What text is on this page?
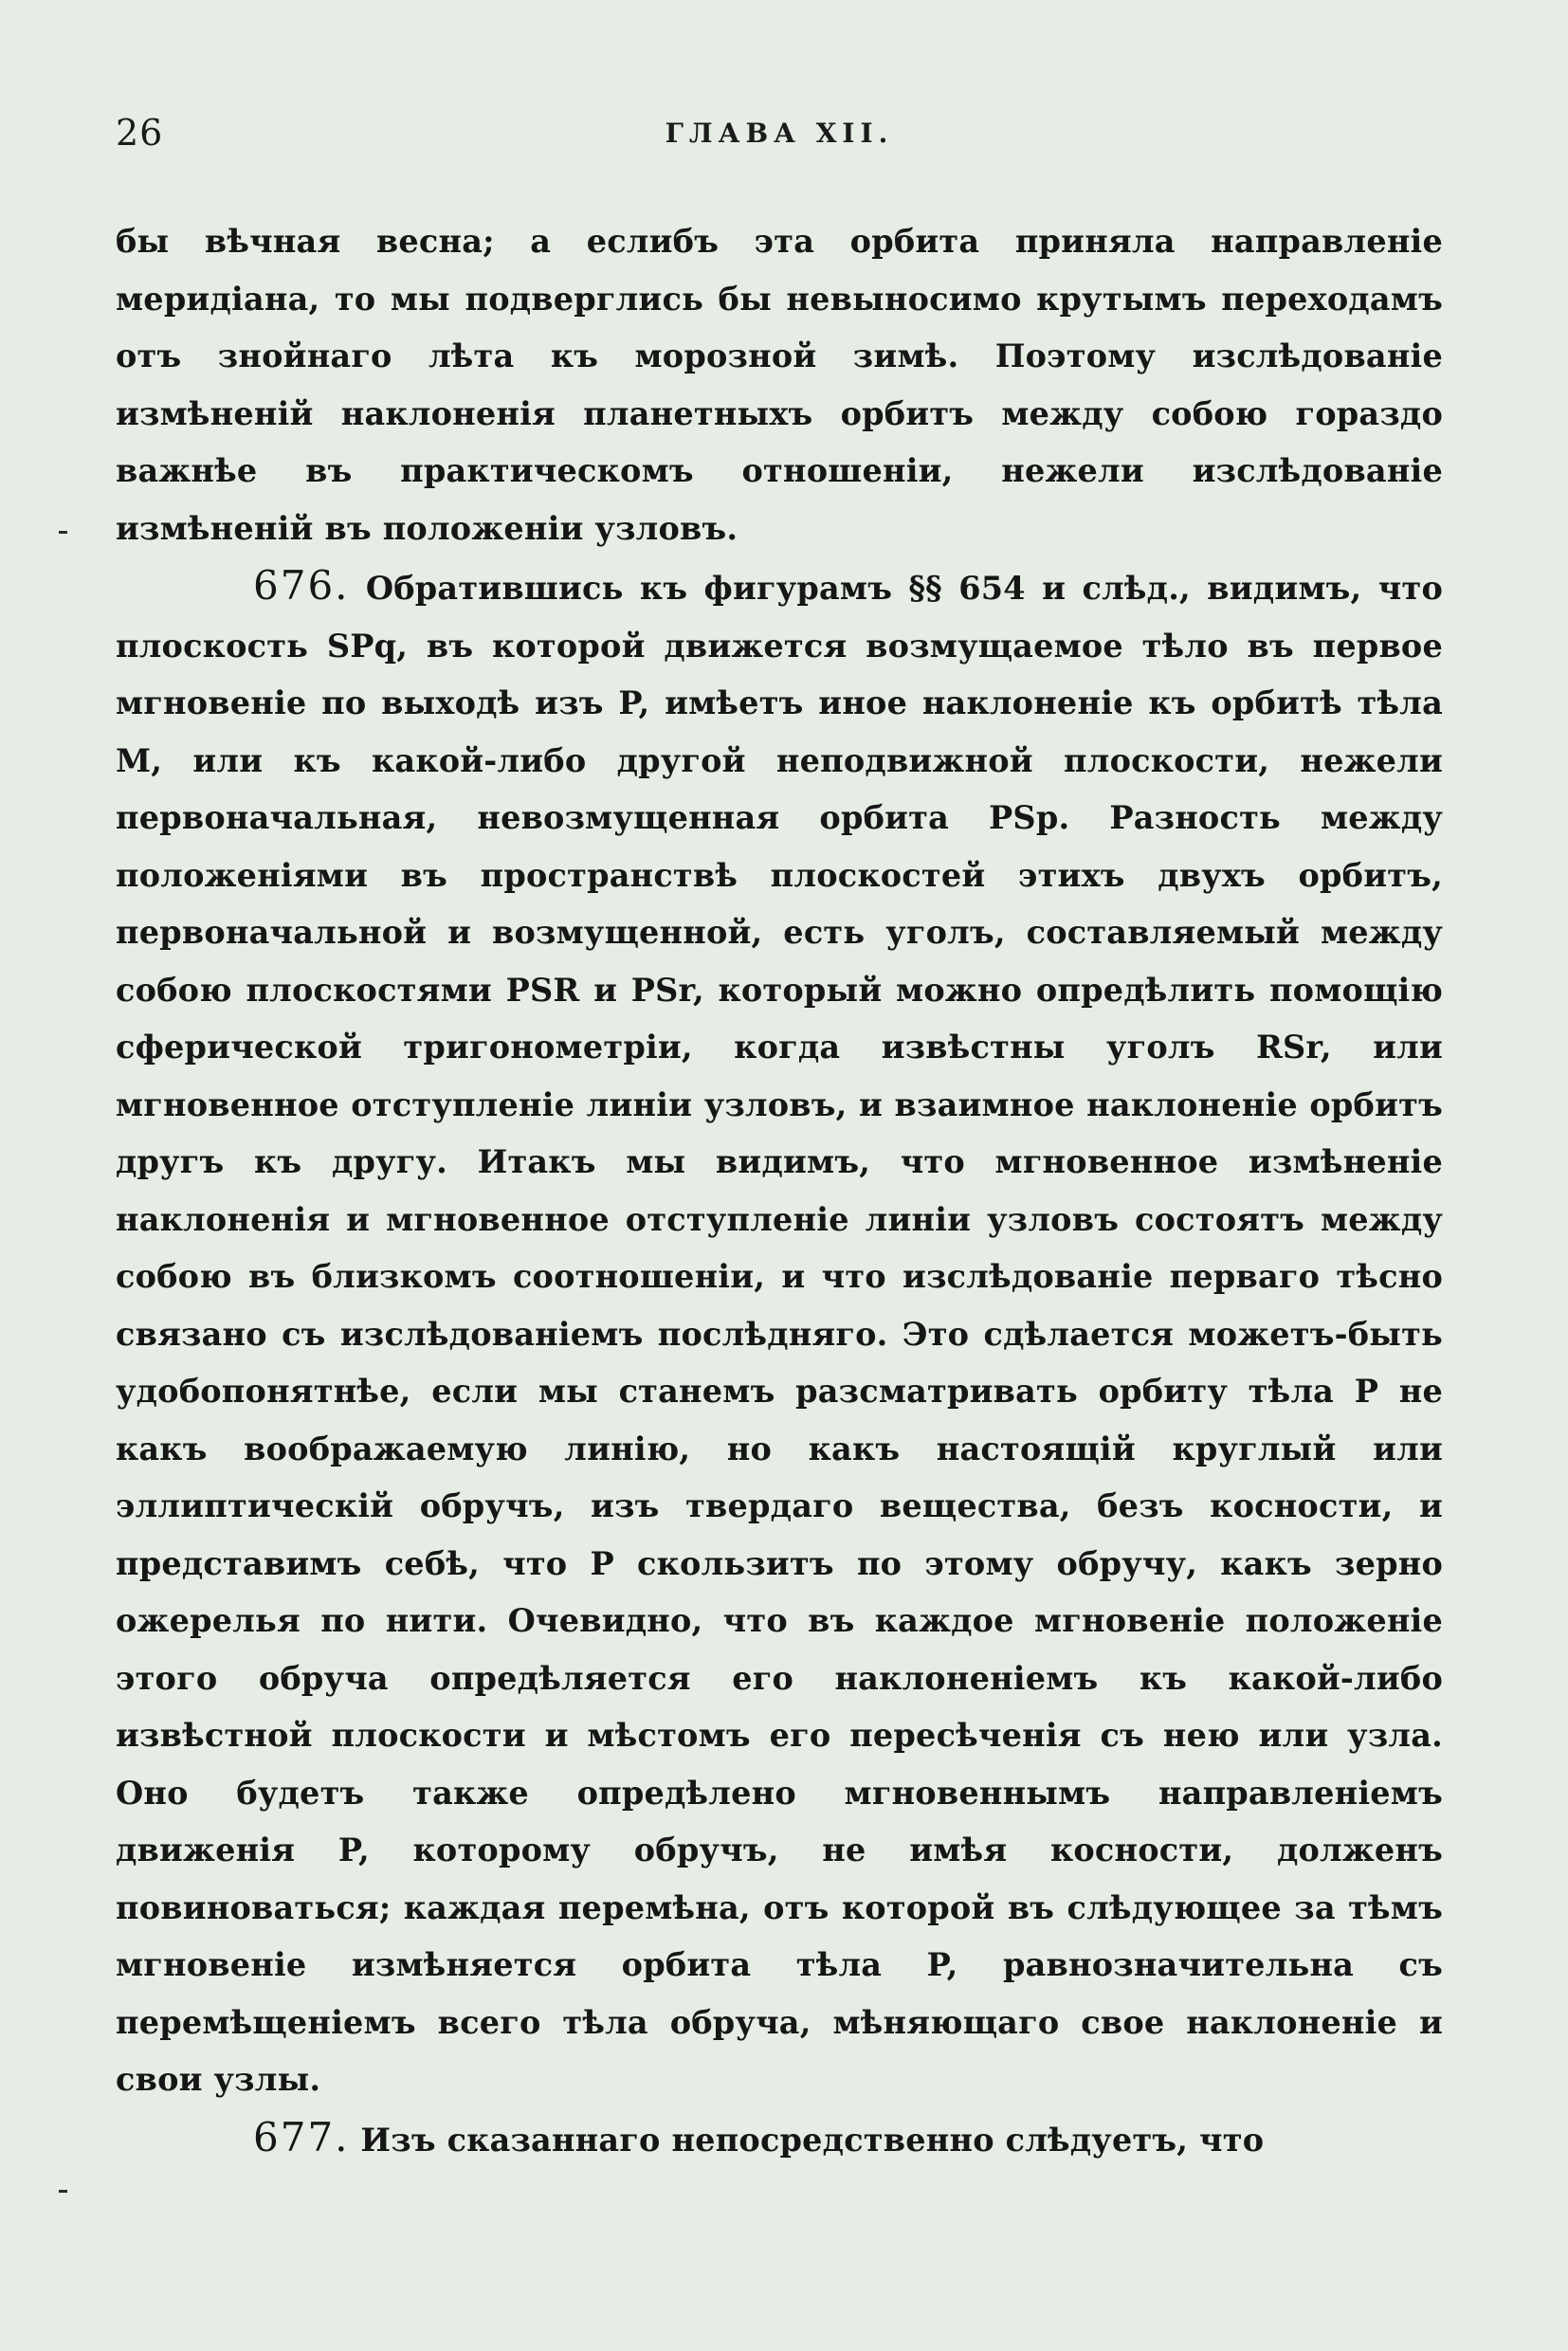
26	ГЛАВА XII.

бы вѣчная весна; а еслибъ эта орбита приняла направленіе меридіана, то мы подверглись бы невыносимо крутымъ переходамъ отъ знойнаго лѣта къ морозной зимѣ. Поэтому изслѣдованіе измѣненій наклоненія планетныхъ орбитъ между собою гораздо важнѣе въ практическомъ отношеніи, нежели изслѣдованіе измѣненій въ положеніи узловъ.

676. Обратившись къ фигурамъ §§ 654 и слѣд., видимъ, что плоскость SPq, въ которой движется возмущаемое тѣло въ первое мгновеніе по выходѣ изъ P, имѣетъ иное наклоненіе къ орбитѣ тѣла M, или къ какой-либо другой неподвижной плоскости, нежели первоначальная, невозмущенная орбита PSp. Разность между положеніями въ пространствѣ плоскостей этихъ двухъ орбитъ, первоначальной и возмущенной, есть уголъ, составляемый между собою плоскостями PSR и PSr, который можно опредѣлить помощію сферической тригонометріи, когда извѣстны уголъ RSr, или мгновенное отступленіе линіи узловъ, и взаимное наклоненіе орбитъ другъ къ другу. Итакъ мы видимъ, что мгновенное измѣненіе наклоненія и мгновенное отступленіе линіи узловъ состоятъ между собою въ близкомъ соотношеніи, и что изслѣдованіе перваго тѣсно связано съ изслѣдованіемъ послѣдняго. Это сдѣлается можетъ-быть удобопонятнѣе, если мы станемъ разсматривать орбиту тѣла P не какъ воображаемую линію, но какъ настоящій круглый или эллиптическій обручъ, изъ твердаго вещества, безъ косности, и представимъ себѣ, что P скользитъ по этому обручу, какъ зерно ожерелья по нити. Очевидно, что въ каждое мгновеніе положеніе этого обруча опредѣляется его наклоненіемъ къ какой-либо извѣстной плоскости и мѣстомъ его пересѣченія съ нею или узла. Оно будетъ также опредѣлено мгновеннымъ направленіемъ движенія P, которому обручъ, не имѣя косности, долженъ повиноваться; каждая перемѣна, отъ которой въ слѣдующее за тѣмъ мгновеніе измѣняется орбита тѣла P, равнозначительна съ перемѣщеніемъ всего тѣла обруча, мѣняющаго свое наклоненіе и свои узлы.

677. Изъ сказаннаго непосредственно слѣдуетъ, что
